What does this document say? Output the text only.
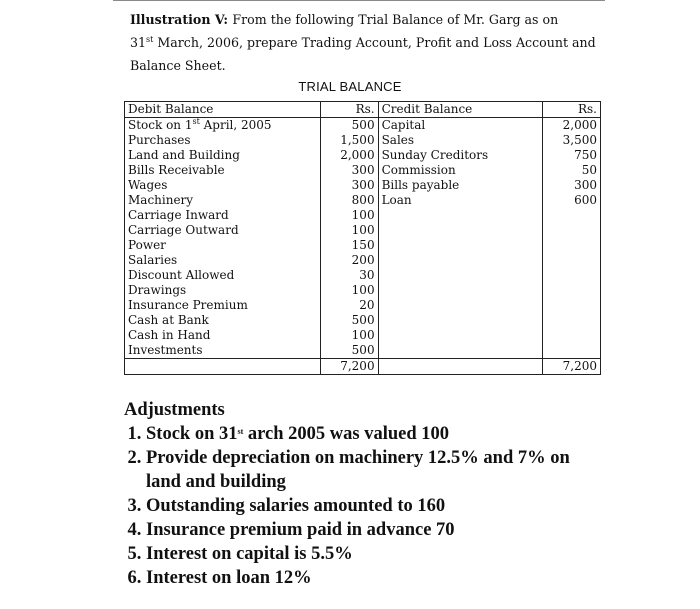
Illustration V: From the following Trial Balance of Mr. Garg as on
31st March, 2006, prepare Trading Account, Profit and Loss Account and
Balance Sheet.
TRIAL BALANCE
Debit Balance	Rs.	Credit Balance	Rs.
Stock on 1st April, 2005	500	Capital	2,000
Purchases	1,500	Sales	3,500
Land and Building	2,000	Sunday Creditors	750
Bills Receivable	300	Commission	50
Wages	300	Bills payable	300
Machinery	800	Loan	600
Carriage Inward	100		
Carriage Outward	100		
Power	150		
Salaries	200		
Discount Allowed	30		
Drawings	100		
Insurance Premium	20		
Cash at Bank	500		
Cash in Hand	100		
Investments	500		
	7,200		7,200
Adjustments
1. Stock on 31st arch 2005 was valued 100
2. Provide depreciation on machinery 12.5% and 7% on
land and building
3. Outstanding salaries amounted to 160
4. Insurance premium paid in advance 70
5. Interest on capital is 5.5%
6. Interest on loan 12%
